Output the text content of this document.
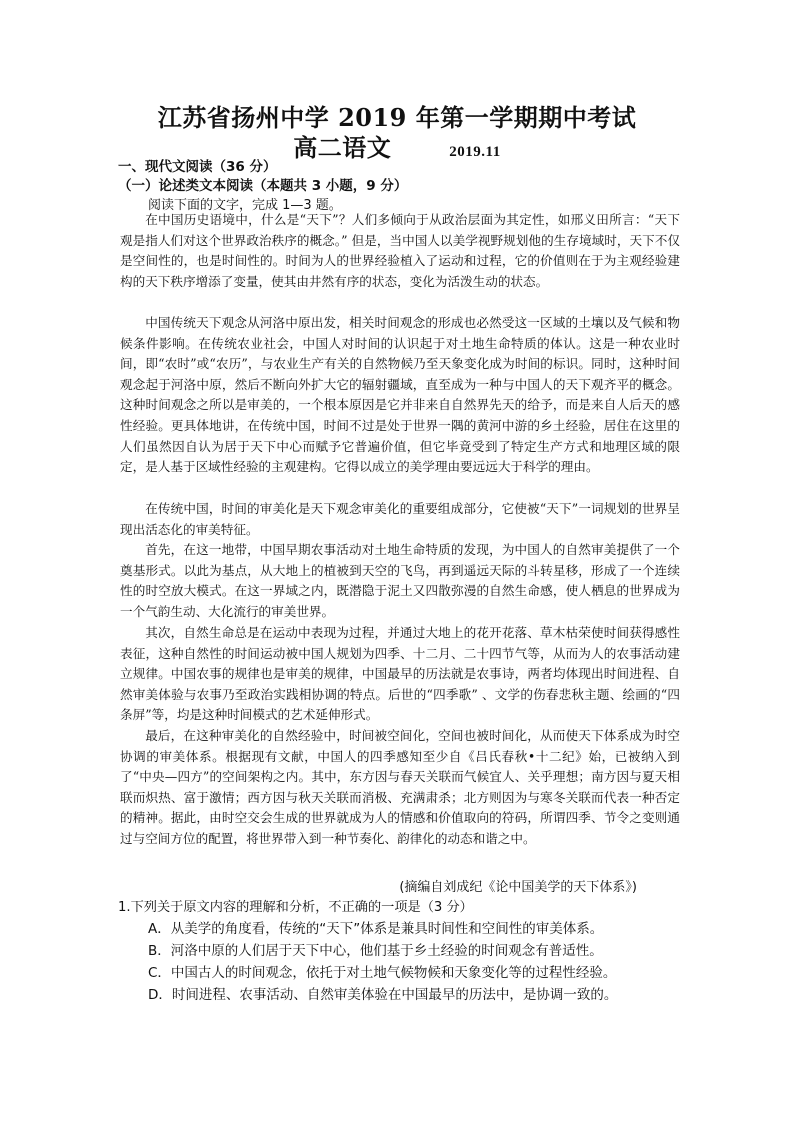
江苏省扬州中学 2019 年第一学期期中考试
高二语文	2019.11
一、现代文阅读（36 分）
（一）论述类文本阅读（本题共 3 小题，9 分）
阅读下面的文字，完成 1—3 题。

在中国历史语境中，什么是“天下”？人们多倾向于从政治层面为其定性，如邢义田所言：“天下观是指人们对这个世界政治秩序的概念。” 但是，当中国人以美学视野规划他的生存境域时，天下不仅是空间性的，也是时间性的。时间为人的世界经验植入了运动和过程，它的价值则在于为主观经验建构的天下秩序增添了变量，使其由井然有序的状态，变化为活泼生动的状态。

中国传统天下观念从河洛中原出发，相关时间观念的形成也必然受这一区域的土壤以及气候和物候条件影响。在传统农业社会，中国人对时间的认识起于对土地生命特质的体认。这是一种农业时间，即“农时”或“农历”，与农业生产有关的自然物候乃至天象变化成为时间的标识。同时，这种时间观念起于河洛中原，然后不断向外扩大它的辐射疆域，直至成为一种与中国人的天下观齐平的概念。这种时间观念之所以是审美的，一个根本原因是它并非来自自然界先天的给予，而是来自人后天的感性经验。更具体地讲，在传统中国，时间不过是处于世界一隅的黄河中游的乡土经验，居住在这里的人们虽然因自认为居于天下中心而赋予它普遍价值，但它毕竟受到了特定生产方式和地理区域的限定，是人基于区域性经验的主观建构。它得以成立的美学理由要远远大于科学的理由。

在传统中国，时间的审美化是天下观念审美化的重要组成部分，它使被“天下”一词规划的世界呈现出活态化的审美特征。

首先，在这一地带，中国早期农事活动对土地生命特质的发现，为中国人的自然审美提供了一个奠基形式。以此为基点，从大地上的植被到天空的飞鸟，再到遥远天际的斗转星移，形成了一个连续性的时空放大模式。在这一界域之内，既潜隐于泥土又四散弥漫的自然生命感，使人栖息的世界成为一个气韵生动、大化流行的审美世界。

其次，自然生命总是在运动中表现为过程，并通过大地上的花开花落、草木枯荣使时间获得感性表征，这种自然性的时间运动被中国人规划为四季、十二月、二十四节气等，从而为人的农事活动建立规律。中国农事的规律也是审美的规律，中国最早的历法就是农事诗，两者均体现出时间进程、自然审美体验与农事乃至政治实践相协调的特点。后世的“四季歌” 、文学的伤春悲秋主题、绘画的“四条屏”等，均是这种时间模式的艺术延伸形式。

最后，在这种审美化的自然经验中，时间被空间化，空间也被时间化，从而使天下体系成为时空协调的审美体系。根据现有文献，中国人的四季感知至少自《吕氏春秋•十二纪》始，已被纳入到了“中央—四方”的空间架构之内。其中，东方因与春天关联而气候宜人、关乎理想；南方因与夏天相联而炽热、富于激情；西方因与秋天关联而消极、充满肃杀；北方则因为与寒冬关联而代表一种否定的精神。据此，由时空交会生成的世界就成为人的情感和价值取向的符码，所谓四季、节令之变则通过与空间方位的配置，将世界带入到一种节奏化、韵律化的动态和谐之中。

(摘编自刘成纪《论中国美学的天下体系》)
1.下列关于原文内容的理解和分析，不正确的一项是（3 分）
A．从美学的角度看，传统的“天下”体系是兼具时间性和空间性的审美体系。
B．河洛中原的人们居于天下中心，他们基于乡土经验的时间观念有普适性。
C．中国古人的时间观念，依托于对土地气候物候和天象变化等的过程性经验。
D．时间进程、农事活动、自然审美体验在中国最早的历法中，是协调一致的。
